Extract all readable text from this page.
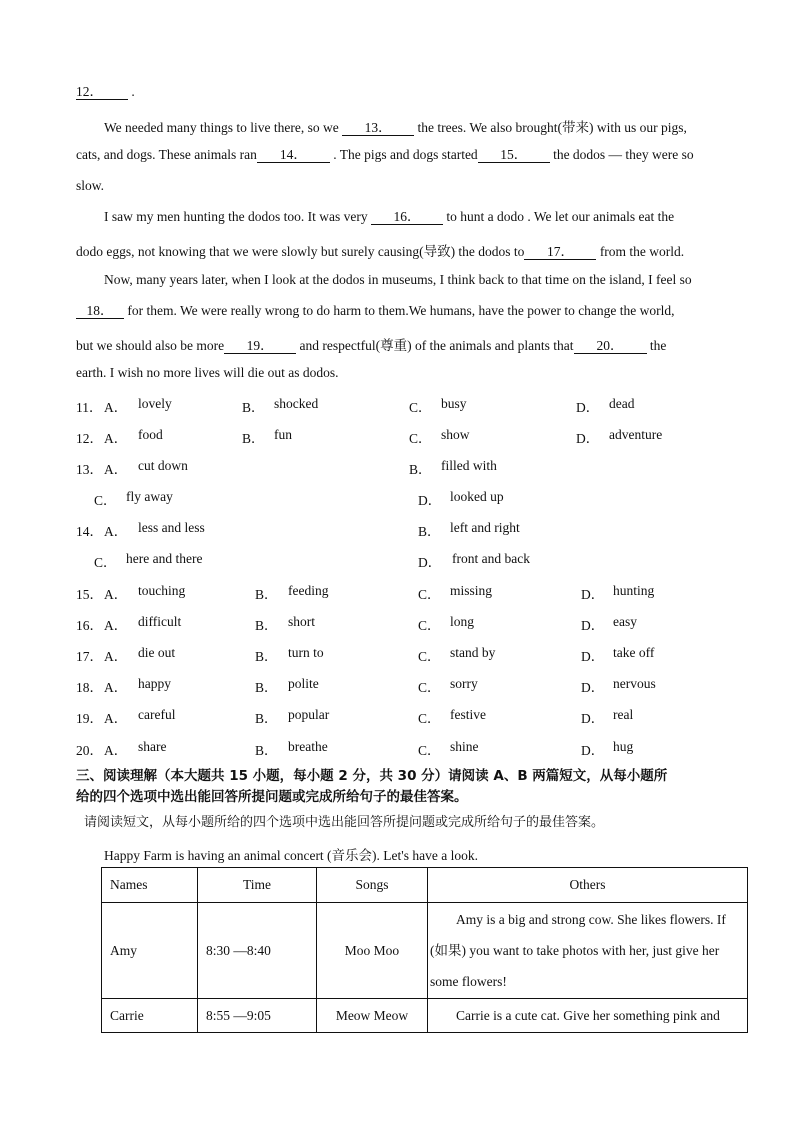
12． .
We needed many things to live there, so we 13． the trees. We also brought(带来) with us our pigs,
cats, and dogs. These animals ran 14． . The pigs and dogs started 15． the dodos — they were so
slow.
I saw my men hunting the dodos too. It was very 16． to hunt a dodo . We let our animals eat the
dodo eggs, not knowing that we were slowly but surely causing(导致) the dodos to 17． from the world.
Now, many years later, when I look at the dodos in museums, I think back to that time on the island, I feel so
18． for them. We were really wrong to do harm to them.We humans, have the power to change the world,
but we should also be more 19． and respectful(尊重) of the animals and plants that 20． the
earth. I wish no more lives will die out as dodos.
11． A． lovely	B． shocked	C． busy	D． dead
12． A． food	B． fun	C． show	D． adventure
13． A． cut down	B． filled with
C． fly away	D． looked up
14． A． less and less	B． left and right
C． here and there	D． front and back
15． A． touching	B． feeding	C． missing	D． hunting
16． A． difficult	B． short	C． long	D． easy
17． A． die out	B． turn to	C． stand by	D． take off
18． A． happy	B． polite	C． sorry	D． nervous
19． A． careful	B． popular	C． festive	D． real
20． A． share	B． breathe	C． shine	D． hug
三、阅读理解（本大题共 15 小题，每小题 2 分，共 30 分）请阅读 A、B 两篇短文，从每小题所
给的四个选项中选出能回答所提问题或完成所给句子的最佳答案。
请阅读短文，从每小题所给的四个选项中选出能回答所提问题或完成所给句子的最佳答案。
Happy Farm is having an animal concert (音乐会). Let's have a look.
Names	Time	Songs	Others
Amy	8:30 —8:40	Moo Moo	Amy is a big and strong cow. She likes flowers. If
(如果) you want to take photos with her, just give her
some flowers!

Carrie	8:55 —9:05	Meow Meow	Carrie is a cute cat. Give her something pink and
